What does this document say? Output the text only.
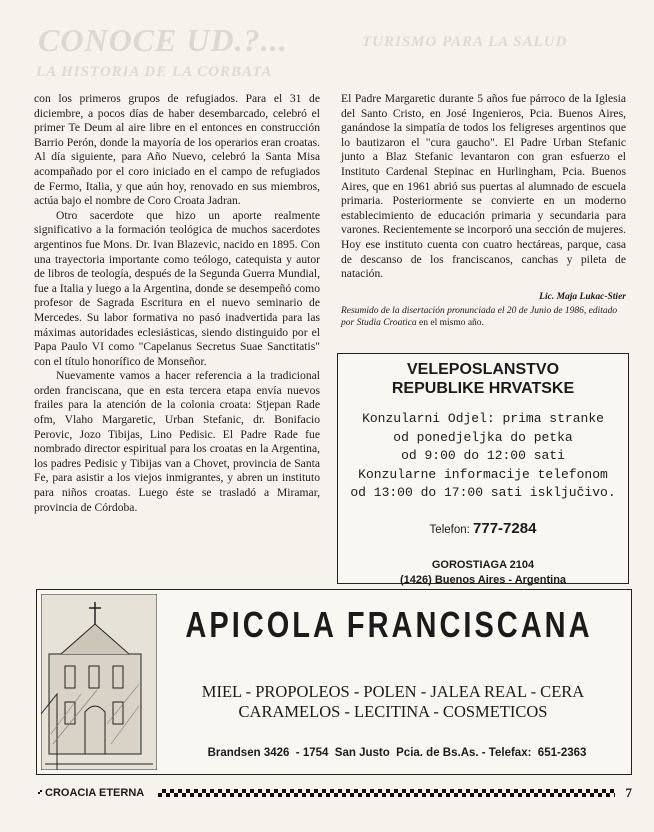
CONOCE UD.?...
LA HISTORIA DE LA CORBATA
TURISMO PARA LA SALUD

con los primeros grupos de refugiados. Para el 31 de diciembre, a pocos días de haber desembarcado, celebró el primer Te Deum al aire libre en el entonces en construcción Barrio Perón, donde la mayoría de los operarios eran croatas. Al día siguiente, para Año Nuevo, celebró la Santa Misa acompañado por el coro iniciado en el campo de refugiados de Fermo, Italia, y que aún hoy, renovado en sus miembros, actúa bajo el nombre de Coro Croata Jadran.

Otro sacerdote que hizo un aporte realmente significativo a la formación teológica de muchos sacerdotes argentinos fue Mons. Dr. Ivan Blazevic, nacido en 1895. Con una trayectoria importante como teólogo, catequista y autor de libros de teología, después de la Segunda Guerra Mundial, fue a Italia y luego a la Argentina, donde se desempeñó como profesor de Sagrada Escritura en el nuevo seminario de Mercedes. Su labor formativa no pasó inadvertida para las máximas autoridades eclesiásticas, siendo distinguido por el Papa Paulo VI como "Capelanus Secretus Suae Sanctitatis" con el título honorífico de Monseñor.

Nuevamente vamos a hacer referencia a la tradicional orden franciscana, que en esta tercera etapa envía nuevos frailes para la atención de la colonia croata: Stjepan Rade ofm, Vlaho Margaretic, Urban Stefanic, dr. Bonifacio Perovic, Jozo Tibijas, Lino Pedisic. El Padre Rade fue nombrado director espiritual para los croatas en la Argentina, los padres Pedisic y Tibijas van a Chovet, provincia de Santa Fe, para asistir a los viejos inmigrantes, y abren un instituto para niños croatas. Luego éste se trasladó a Miramar, provincia de Córdoba.

El Padre Margaretic durante 5 años fue párroco de la Iglesia del Santo Cristo, en José Ingenieros, Pcia. Buenos Aires, ganándose la simpatía de todos los feligreses argentinos que lo bautizaron el "cura gaucho". El Padre Urban Stefanic junto a Blaz Stefanic levantaron con gran esfuerzo el Instituto Cardenal Stepinac en Hurlingham, Pcia. Buenos Aires, que en 1961 abrió sus puertas al alumnado de escuela primaria. Posteriormente se convierte en un moderno establecimiento de educación primaria y secundaria para varones. Recientemente se incorporó una sección de mujeres. Hoy ese instituto cuenta con cuatro hectáreas, parque, casa de descanso de los franciscanos, canchas y pileta de natación.

Lic. Maja Lukac-Stier

Resumido de la disertación pronunciada el 20 de Junio de 1986, editado por Studia Croatica en el mismo año.

VELEPOSLANSTVO
REPUBLIKE HRVATSKE
Konzularni Odjel: prima stranke
od ponedjeljka do petka
od 9:00 do 12:00 sati
Konzularne informacije telefonom
od 13:00 do 17:00 sati isključivo.
Telefon: 777-7284
GOROSTIAGA 2104
(1426) Buenos Aires - Argentina
APICOLA FRANCISCANA
MIEL - PROPOLEOS - POLEN - JALEA REAL - CERA
CARAMELOS - LECITINA - COSMETICOS
Brandsen 3426  - 1754  San Justo  Pcia. de Bs.As. - Telefax:  651-2363
CROACIA ETERNA	7
